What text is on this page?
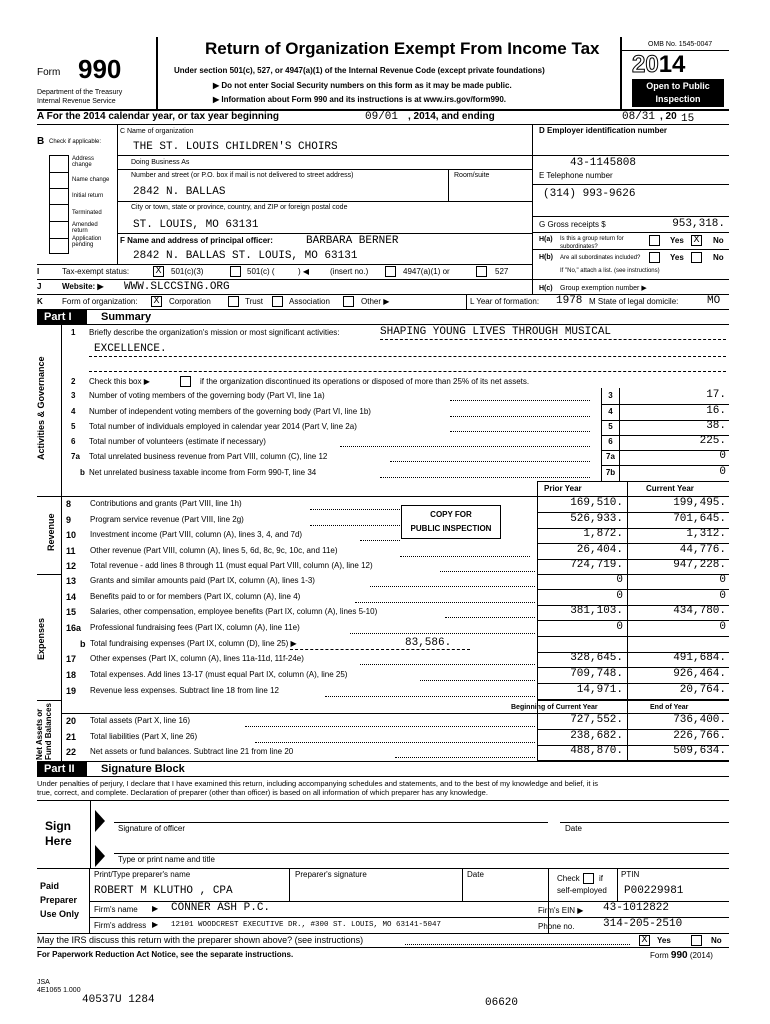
Form 990
Department of the Treasury
Internal Revenue Service
Return of Organization Exempt From Income Tax
Under section 501(c), 527, or 4947(a)(1) of the Internal Revenue Code (except private foundations)
▶ Do not enter Social Security numbers on this form as it may be made public.
▶ Information about Form 990 and its instructions is at www.irs.gov/form990.
OMB No. 1545-0047
2014
Open to Public
Inspection
A For the 2014 calendar year, or tax year beginning	09/01 , 2014, and ending	08/31 , 20 15
B Check if applicable:
Address change
Name change
Initial return
Terminated
Amended return
Application pending
C Name of organization
THE ST. LOUIS CHILDREN'S CHOIRS
Doing Business As
Number and street (or P.O. box if mail is not delivered to street address)	Room/suite
2842 N. BALLAS
City or town, state or province, country, and ZIP or foreign postal code
ST. LOUIS, MO 63131
F Name and address of principal officer:	BARBARA BERNER
2842 N. BALLAS ST. LOUIS, MO 63131
D Employer identification number
43-1145808
E Telephone number
(314) 993-9626
G Gross receipts $	953,318.
H(a) Is this a group return for
subordinates?
Yes X	No
H(b) Are all subordinates included?	Yes	No
If "No," attach a list. (see instructions)
I	Tax-exempt status:	X	501(c)(3)	501(c) (	) ◀	(insert no.)	4947(a)(1) or	527
J	Website: ▶ WWW.SLCCSING.ORG	H(c) Group exemption number ▶
K Form of organization: X	Corporation	Trust	Association	Other ▶	L Year of formation: 1978 M State of legal domicile:	MO
Part I	Summary
Activities & Governance
Revenue
Expenses
Net Assets or Fund Balances
1 Briefly describe the organization's mission or most significant activities:	SHAPING YOUNG LIVES THROUGH MUSICAL
EXCELLENCE.
2 Check this box ▶	if the organization discontinued its operations or disposed of more than 25% of its net assets.
3 Number of voting members of the governing body (Part VI, line 1a)	3	17.
4 Number of independent voting members of the governing body (Part VI, line 1b)	4	16.
5 Total number of individuals employed in calendar year 2014 (Part V, line 2a)	5	38.
6 Total number of volunteers (estimate if necessary)	6	225.
7a Total unrelated business revenue from Part VIII, column (C), line 12	7a	0
b Net unrelated business taxable income from Form 990-T, line 34	7b	0
Prior Year	Current Year
COPY FOR
PUBLIC INSPECTION
8 Contributions and grants (Part VIII, line 1h)	169,510.	199,495.
9 Program service revenue (Part VIII, line 2g)	526,933.	701,645.
10 Investment income (Part VIII, column (A), lines 3, 4, and 7d)	1,872.	1,312.
11 Other revenue (Part VIII, column (A), lines 5, 6d, 8c, 9c, 10c, and 11e)	26,404.	44,776.
12 Total revenue - add lines 8 through 11 (must equal Part VIII, column (A), line 12)	724,719.	947,228.
13 Grants and similar amounts paid (Part IX, column (A), lines 1-3)	0	0
14 Benefits paid to or for members (Part IX, column (A), line 4)	0	0
15 Salaries, other compensation, employee benefits (Part IX, column (A), lines 5-10)	381,103.	434,780.
16a Professional fundraising fees (Part IX, column (A), line 11e)	0	0
b Total fundraising expenses (Part IX, column (D), line 25) ▶	83,586.
17 Other expenses (Part IX, column (A), lines 11a-11d, 11f-24e)	328,645.	491,684.
18 Total expenses. Add lines 13-17 (must equal Part IX, column (A), line 25)	709,748.	926,464.
19 Revenue less expenses. Subtract line 18 from line 12	14,971.	20,764.
Beginning of Current Year	End of Year
20 Total assets (Part X, line 16)	727,552.	736,400.
21 Total liabilities (Part X, line 26)	238,682.	226,766.
22 Net assets or fund balances. Subtract line 21 from line 20	488,870.	509,634.
Part II	Signature Block
Under penalties of perjury, I declare that I have examined this return, including accompanying schedules and statements, and to the best of my knowledge and belief, it is
true, correct, and complete. Declaration of preparer (other than officer) is based on all information of which preparer has any knowledge.
Sign
Here
Signature of officer	Date
Type or print name and title
Paid
Preparer
Use Only
Print/Type preparer's name	Preparer's signature	Date	Check if
self-employed
PTIN
ROBERT M KLUTHO , CPA	P00229981
Firm's name ▶ CONNER ASH P.C.	Firm's EIN ▶ 43-1012822
Firm's address ▶ 12101 WOODCREST EXECUTIVE DR., #300 ST. LOUIS, MO 63141-5047	Phone no.	314-205-2510
May the IRS discuss this return with the preparer shown above? (see instructions)	X	Yes	No
For Paperwork Reduction Act Notice, see the separate instructions.	Form 990 (2014)
JSA
4E1065 1.000
40537U 1284	06620
